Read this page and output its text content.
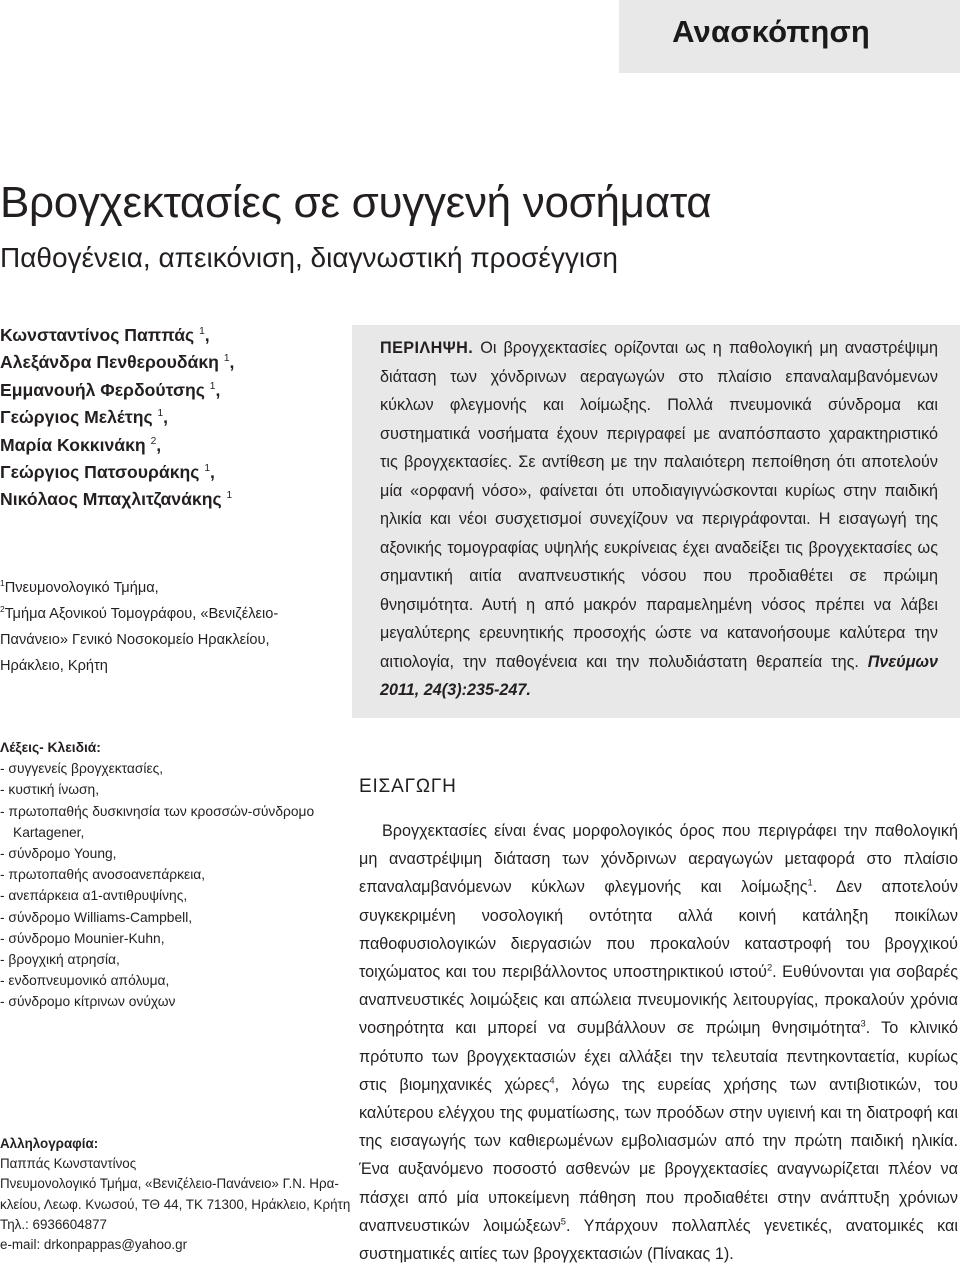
Ανασκόπηση
Βρογχεκτασίες σε συγγενή νοσήματα
Παθογένεια, απεικόνιση, διαγνωστική προσέγγιση
Κωνσταντίνος Παππάς $^1$,
Αλεξάνδρα Πενθερουδάκη $^1$,
Εμμανουήλ Φερδούτσης $^1$,
Γεώργιος Μελέτης $^1$,
Μαρία Κοκκινάκη $^2$,
Γεώργιος Πατσουράκης $^1$,
Νικόλαος Μπαχλιτζανάκης $^1$
$^1$Πνευμονολογικό Τμήμα,
$^2$Τμήμα Αξονικού Τομογράφου, «Βενιζέλειο-
Πανάνειο» Γενικό Νοσοκομείο Ηρακλείου,
Ηράκλειο, Κρήτη
ΠΕΡΙΛΗΨΗ. Οι βρογχεκτασίες ορίζονται ως η παθολογική μη αναστρέψιμη διάταση των χόνδρινων αεραγωγών στο πλαίσιο επαναλαμβανόμενων κύκλων φλεγμονής και λοίμωξης. Πολλά πνευμονικά σύνδρομα και συστηματικά νοσήματα έχουν περιγραφεί με αναπόσπαστο χαρακτηριστικό τις βρογχεκτασίες. Σε αντίθεση με την παλαιότερη πεποίθηση ότι αποτελούν μία «ορφανή νόσο», φαίνεται ότι υποδιαγιγνώσκονται κυρίως στην παιδική ηλικία και νέοι συσχετισμοί συνεχίζουν να περιγράφονται. Η εισαγωγή της αξονικής τομογραφίας υψηλής ευκρίνειας έχει αναδείξει τις βρογχεκτασίες ως σημαντική αιτία αναπνευστικής νόσου που προδιαθέτει σε πρώιμη θνησιμότητα. Αυτή η από μακρόν παραμελημένη νόσος πρέπει να λάβει μεγαλύτερης ερευνητικής προσοχής ώστε να κατανοήσουμε καλύτερα την αιτιολογία, την παθογένεια και την πολυδιάστατη θεραπεία της. Πνεύμων 2011, 24(3):235-247.
Λέξεις- Κλειδιά:
- συγγενείς βρογχεκτασίες,
- κυστική ίνωση,
- πρωτοπαθής δυσκινησία των κροσσών-σύνδρομο
Kartagener,
- σύνδρομο Young,
- πρωτοπαθής ανοσοανεπάρκεια,
- ανεπάρκεια α1-αντιθρυψίνης,
- σύνδρομο Williams-Campbell,
- σύνδρομο Mounier-Kuhn,
- βρογχική ατρησία,
- ενδοπνευμονικό απόλυμα,
- σύνδρομο κίτρινων ονύχων
Αλληλογραφία:
Παππάς Κωνσταντίνος
Πνευμονολογικό Τμήμα, «Βενιζέλειο-Πανάνειο» Γ.Ν. Ηρα-
κλείου, Λεωφ. Κνωσού, ΤΘ 44, ΤΚ 71300, Ηράκλειο, Κρήτη
Τηλ.: 6936604877
e-mail: drkonpappas@yahoo.gr
ΕΙΣΑΓΩΓΗ

Βρογχεκτασίες είναι ένας μορφολογικός όρος που περιγράφει την παθολογική μη αναστρέψιμη διάταση των χόνδρινων αεραγωγών μεταφορά στο πλαίσιο επαναλαμβανόμενων κύκλων φλεγμονής και λοίμωξης$^1$. Δεν αποτελούν συγκεκριμένη νοσολογική οντότητα αλλά κοινή κατάληξη ποικίλων παθοφυσιολογικών διεργασιών που προκαλούν καταστροφή του βρογχικού τοιχώματος και του περιβάλλοντος υποστηρικτικού ιστού$^2$. Ευθύνονται για σοβαρές αναπνευστικές λοιμώξεις και απώλεια πνευμονικής λειτουργίας, προκαλούν χρόνια νοσηρότητα και μπορεί να συμβάλλουν σε πρώιμη θνησιμότητα$^3$. Το κλινικό πρότυπο των βρογχεκτασιών έχει αλλάξει την τελευταία πεντηκονταετία, κυρίως στις βιομηχανικές χώρες$^4$, λόγω της ευρείας χρήσης των αντιβιοτικών, του καλύτερου ελέγχου της φυματίωσης, των προόδων στην υγιεινή και τη διατροφή και της εισαγωγής των καθιερωμένων εμβολιασμών από την πρώτη παιδική ηλικία. Ένα αυξανόμενο ποσοστό ασθενών με βρογχεκτασίες αναγνωρίζεται πλέον να πάσχει από μία υποκείμενη πάθηση που προδιαθέτει στην ανάπτυξη χρόνιων αναπνευστικών λοιμώξεων$^5$. Υπάρχουν πολλαπλές γενετικές, ανατομικές και συστηματικές αιτίες των βρογχεκτασιών (Πίνακας 1).
